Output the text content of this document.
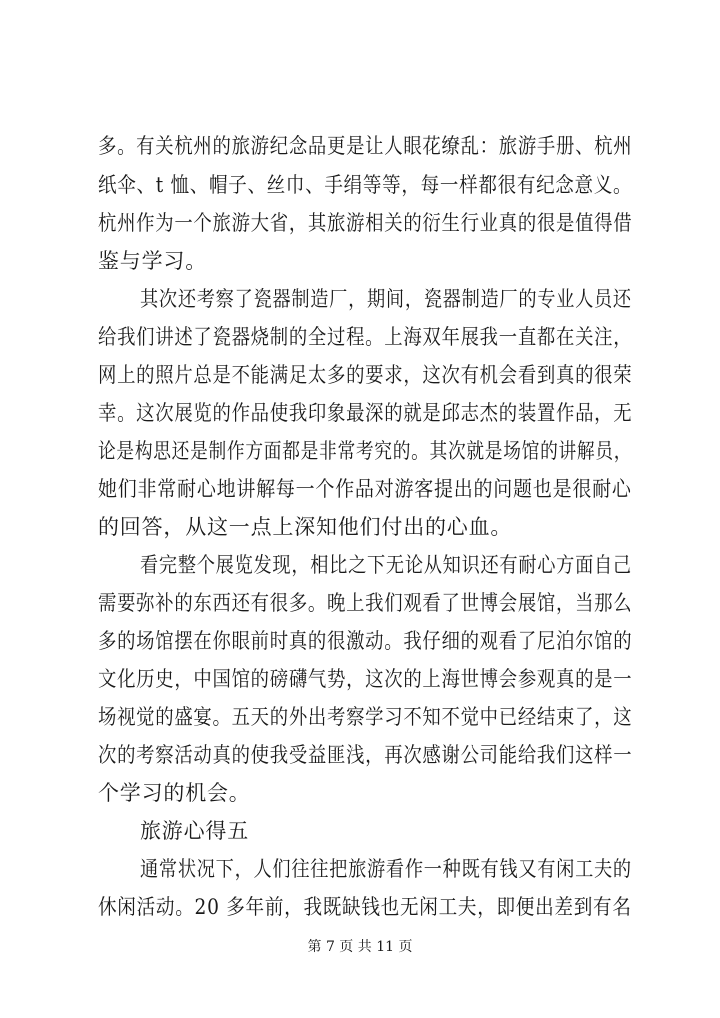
多。有关杭州的旅游纪念品更是让人眼花缭乱：旅游手册、杭州
纸伞、t 恤、帽子、丝巾、手绢等等，每一样都很有纪念意义。
杭州作为一个旅游大省，其旅游相关的衍生行业真的很是值得借
鉴与学习。
其次还考察了瓷器制造厂，期间，瓷器制造厂的专业人员还
给我们讲述了瓷器烧制的全过程。上海双年展我一直都在关注，
网上的照片总是不能满足太多的要求，这次有机会看到真的很荣
幸。这次展览的作品使我印象最深的就是邱志杰的装置作品，无
论是构思还是制作方面都是非常考究的。其次就是场馆的讲解员，
她们非常耐心地讲解每一个作品对游客提出的问题也是很耐心
的回答，从这一点上深知他们付出的心血。
看完整个展览发现，相比之下无论从知识还有耐心方面自己
需要弥补的东西还有很多。晚上我们观看了世博会展馆，当那么
多的场馆摆在你眼前时真的很激动。我仔细的观看了尼泊尔馆的
文化历史，中国馆的磅礴气势，这次的上海世博会参观真的是一
场视觉的盛宴。五天的外出考察学习不知不觉中已经结束了，这
次的考察活动真的使我受益匪浅，再次感谢公司能给我们这样一
个学习的机会。
旅游心得五
通常状况下，人们往往把旅游看作一种既有钱又有闲工夫的
休闲活动。20 多年前，我既缺钱也无闲工夫，即便出差到有名
第 7 页 共 11 页
